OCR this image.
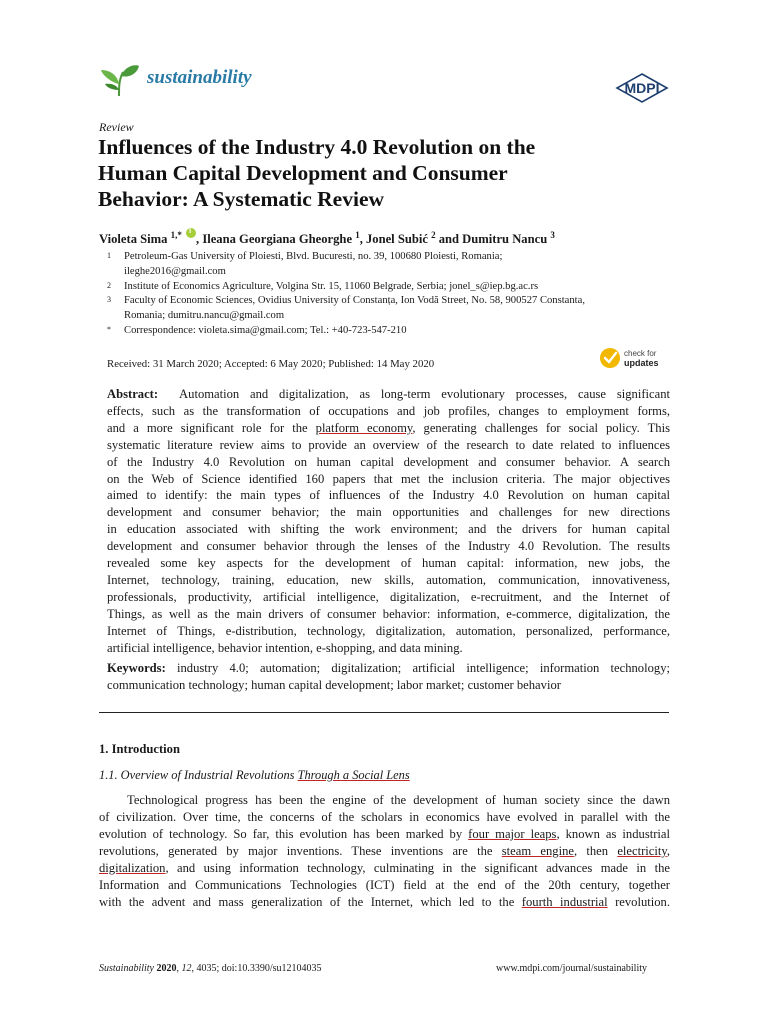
sustainability	MDPI
Review
Influences of the Industry 4.0 Revolution on the
Human Capital Development and Consumer
Behavior: A Systematic Review
Violeta Sima $^{1,*}$ i , Ileana Georgiana Gheorghe $^1$, Jonel Subić $^2$ and Dumitru Nancu $^3$
1	Petroleum-Gas University of Ploiesti, Blvd. Bucuresti, no. 39, 100680 Ploiesti, Romania;
ileghe2016@gmail.com
2	Institute of Economics Agriculture, Volgina Str. 15, 11060 Belgrade, Serbia; jonel_s@iep.bg.ac.rs
3	Faculty of Economic Sciences, Ovidius University of Constanța, Ion Vodă Street, No. 58, 900527 Constanta,
Romania; dumitru.nancu@gmail.com
*	Correspondence: violeta.sima@gmail.com; Tel.: +40-723-547-210
Received: 31 March 2020; Accepted: 6 May 2020; Published: 14 May 2020
check for
updates
Abstract: Automation and digitalization, as long-term evolutionary processes, cause significant
effects, such as the transformation of occupations and job profiles, changes to employment forms,
and a more significant role for the platform economy, generating challenges for social policy. This
systematic literature review aims to provide an overview of the research to date related to influences
of the Industry 4.0 Revolution on human capital development and consumer behavior. A search
on the Web of Science identified 160 papers that met the inclusion criteria. The major objectives
aimed to identify: the main types of influences of the Industry 4.0 Revolution on human capital
development and consumer behavior; the main opportunities and challenges for new directions
in education associated with shifting the work environment; and the drivers for human capital
development and consumer behavior through the lenses of the Industry 4.0 Revolution. The results
revealed some key aspects for the development of human capital: information, new jobs, the
Internet, technology, training, education, new skills, automation, communication, innovativeness,
professionals, productivity, artificial intelligence, digitalization, e-recruitment, and the Internet of
Things, as well as the main drivers of consumer behavior: information, e-commerce, digitalization, the
Internet of Things, e-distribution, technology, digitalization, automation, personalized, performance,
artificial intelligence, behavior intention, e-shopping, and data mining.
Keywords: industry 4.0; automation; digitalization; artificial intelligence; information technology;
communication technology; human capital development; labor market; customer behavior
1. Introduction
1.1. Overview of Industrial Revolutions Through a Social Lens
Technological progress has been the engine of the development of human society since the dawn
of civilization. Over time, the concerns of the scholars in economics have evolved in parallel with the
evolution of technology. So far, this evolution has been marked by four major leaps, known as industrial
revolutions, generated by major inventions. These inventions are the steam engine, then electricity,
digitalization, and using information technology, culminating in the significant advances made in the
Information and Communications Technologies (ICT) field at the end of the 20th century, together
with the advent and mass generalization of the Internet, which led to the fourth industrial revolution.
Sustainability 2020, 12, 4035; doi:10.3390/su12104035	www.mdpi.com/journal/sustainability
